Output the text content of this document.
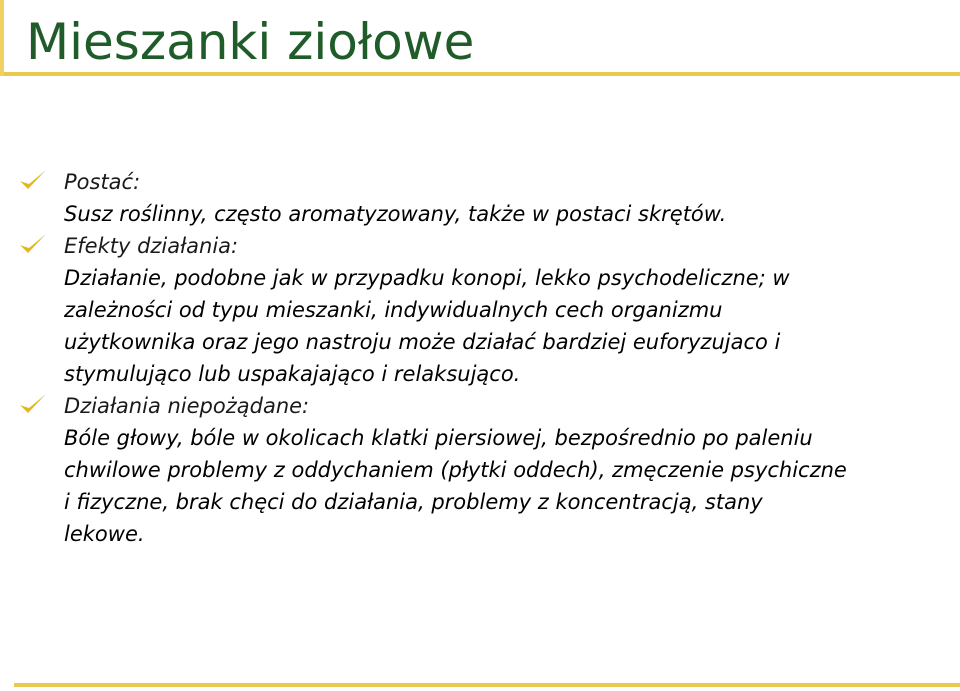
Mieszanki ziołowe
Postać:
Susz roślinny, często aromatyzowany, także w postaci skrętów.
Efekty działania:
Działanie, podobne jak w przypadku konopi, lekko psychodeliczne; w
zależności od typu mieszanki, indywidualnych cech organizmu
użytkownika oraz jego nastroju może działać bardziej euforyzujaco i
stymulująco lub uspakajająco i relaksująco.
Działania niepożądane:
Bóle głowy, bóle w okolicach klatki piersiowej, bezpośrednio po paleniu
chwilowe problemy z oddychaniem (płytki oddech), zmęczenie psychiczne
i fizyczne, brak chęci do działania, problemy z koncentracją, stany
lekowe.
